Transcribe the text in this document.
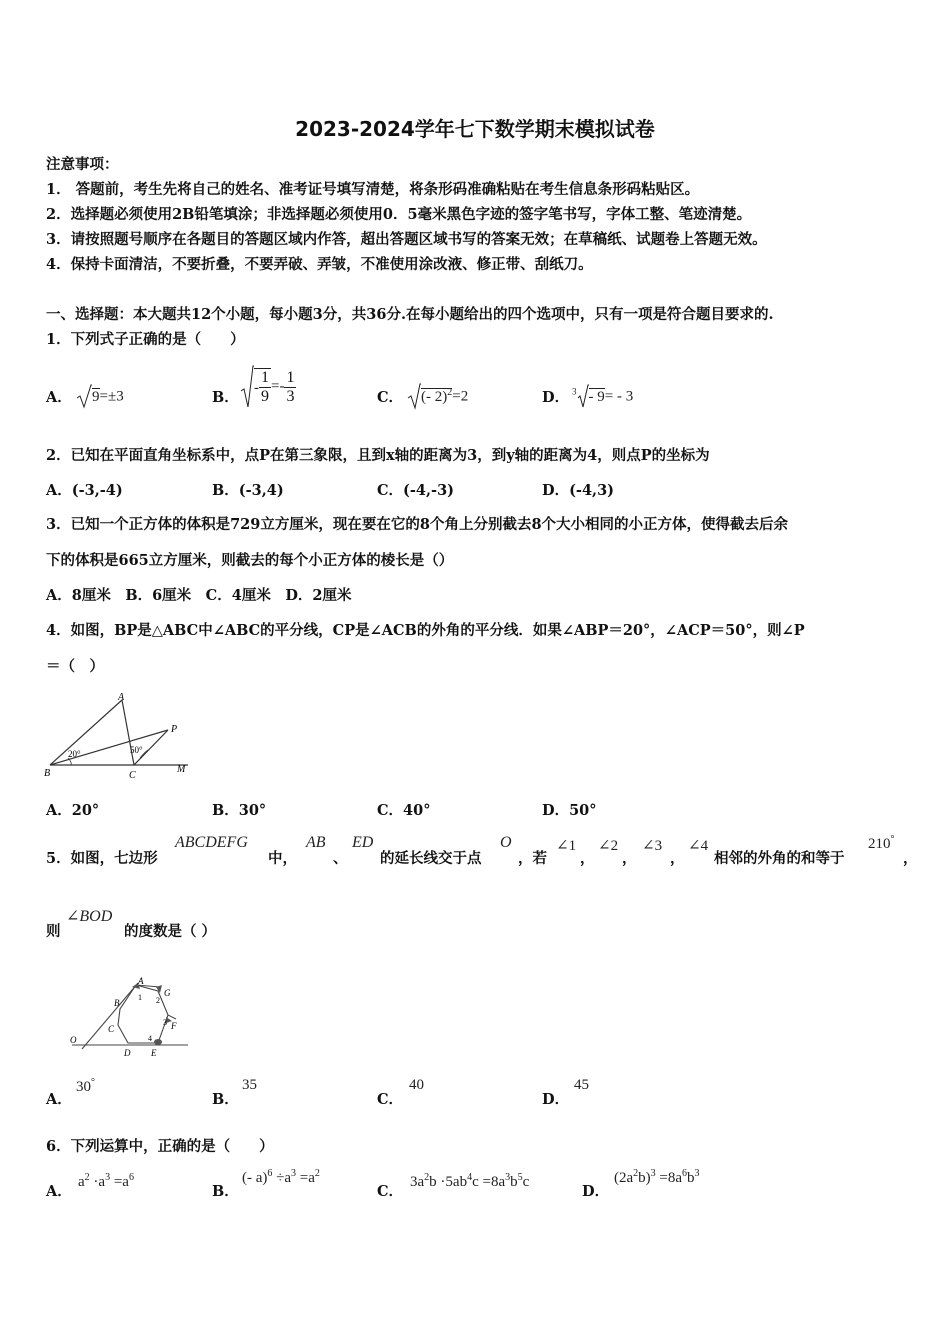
2023-2024学年七下数学期末模拟试卷
注意事项：
1． 答题前，考生先将自己的姓名、准考证号填写清楚，将条形码准确粘贴在考生信息条形码粘贴区。
2．选择题必须使用2B铅笔填涂；非选择题必须使用0．5毫米黑色字迹的签字笔书写，字体工整、笔迹清楚。
3．请按照题号顺序在各题目的答题区域内作答，超出答题区域书写的答案无效；在草稿纸、试题卷上答题无效。
4．保持卡面清洁，不要折叠，不要弄破、弄皱，不准使用涂改液、修正带、刮纸刀。
一、选择题：本大题共12个小题，每小题3分，共36分.在每小题给出的四个选项中，只有一项是符合题目要求的.
1．下列式子正确的是（　　）
A．	9=±3	B．
- $\frac{1}{9} =- \frac{1}{3}$	C．	(- 2)$^2$=2	D． $^3$ - 9= - 3
2．已知在平面直角坐标系中，点P在第三象限，且到x轴的距离为3，到y轴的距离为4，则点P的坐标为
A．(-3,-4)	B．(-3,4)	C．(-4,-3)	D．(-4,3)
3．已知一个正方体的体积是729立方厘米，现在要在它的8个角上分别截去8个大小相同的小正方体，使得截去后余
下的体积是665立方厘米，则截去的每个小正方体的棱长是（）
A．8厘米　B．6厘米　C．4厘米　D．2厘米
4．如图，BP是△ABC中∠ABC的平分线，CP是∠ACB的外角的平分线．如果∠ABP＝20°，∠ACP＝50°，则∠P
＝（　）
A
B	C
P
M
20°	50°
A．20°	B．30°	C．40°	D．50°
5．如图，七边形
ABCDEFG
中，
AB
、
ED
的延长线交于点
O
，若
∠1
，
∠2
，
∠3
，
∠4
相邻的外角的和等于
210°
，
则
∠BOD
的度数是（ ）
O
A
B
C
D E
F
G
1 2
3
4
A．
30°
B．
35
C．
40
D．
45
6．下列运算中，正确的是（　　）
A．
$a^2 \cdot a^3 =a^6$
B．
(- $a)^6 \div a^3 =a^2$
C．
$3a^2b \cdot 5ab^4c =8a^3b^5c$
D．
$(2a^2b)^3 =8a^6b^3$
